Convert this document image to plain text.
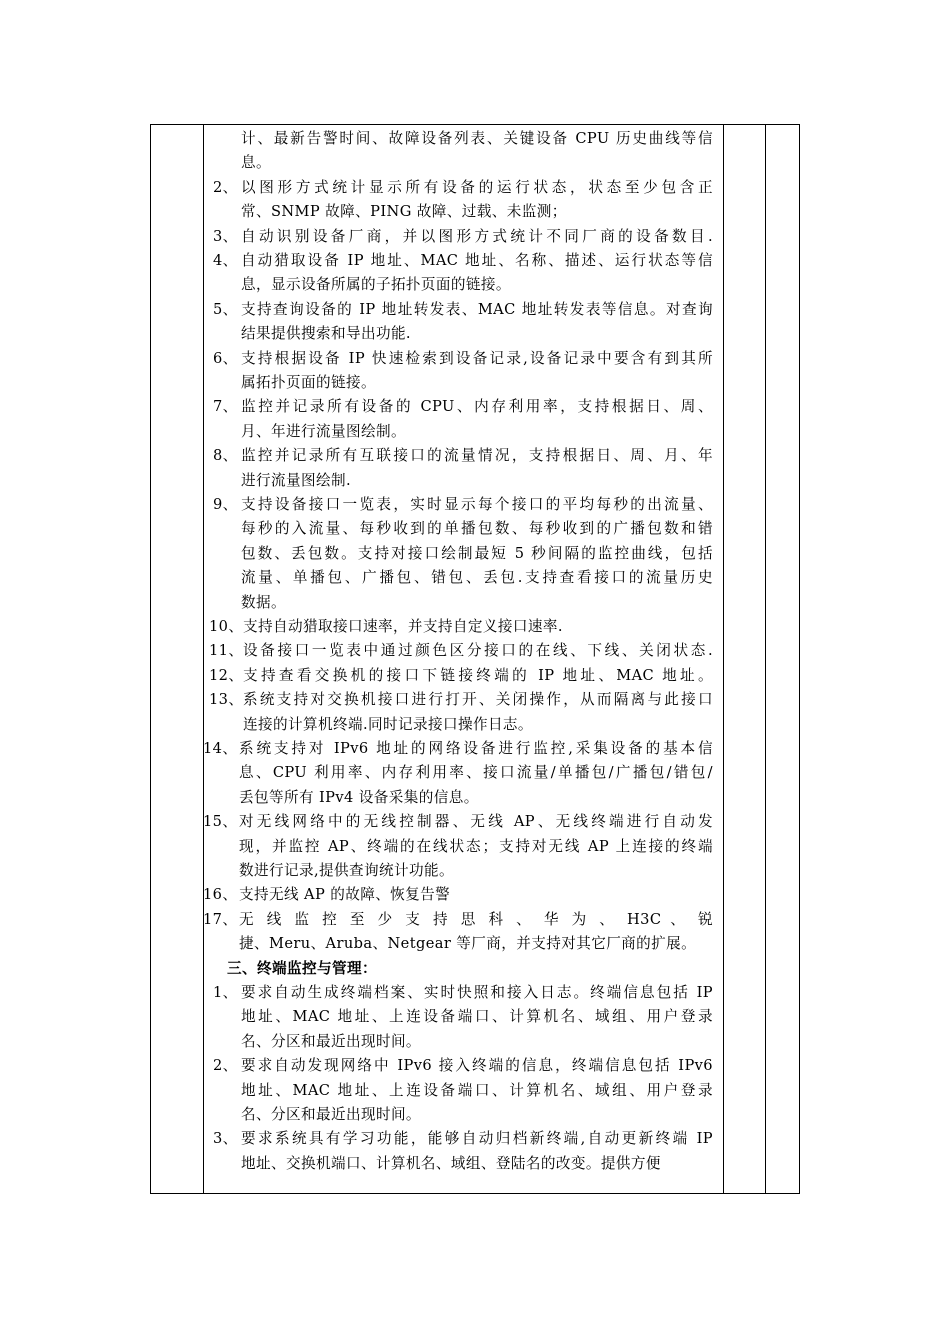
计、最新告警时间、故障设备列表、关键设备 CPU 历史曲线等信
息。
2、 以图形方式统计显示所有设备的运行状态，状态至少包含正
常、SNMP 故障、PING 故障、过载、未监测；
3、 自动识别设备厂商，并以图形方式统计不同厂商的设备数目.
4、 自动猎取设备 IP 地址、MAC 地址、名称、描述、运行状态等信
息，显示设备所属的子拓扑页面的链接。
5、 支持查询设备的 IP 地址转发表、MAC 地址转发表等信息。对查询
结果提供搜索和导出功能.
6、 支持根据设备 IP 快速检索到设备记录,设备记录中要含有到其所
属拓扑页面的链接。
7、 监控并记录所有设备的 CPU、内存利用率，支持根据日、周、
月、年进行流量图绘制。
8、 监控并记录所有互联接口的流量情况，支持根据日、周、月、年
进行流量图绘制.
9、 支持设备接口一览表，实时显示每个接口的平均每秒的出流量、
每秒的入流量、每秒收到的单播包数、每秒收到的广播包数和错
包数、丢包数。支持对接口绘制最短 5 秒间隔的监控曲线，包括
流量、单播包、广播包、错包、丢包.支持查看接口的流量历史
数据。
10、 支持自动猎取接口速率，并支持自定义接口速率.
11、 设备接口一览表中通过颜色区分接口的在线、下线、关闭状态.
12、 支持查看交换机的接口下链接终端的 IP 地址、MAC 地址。
13、 系统支持对交换机接口进行打开、关闭操作，从而隔离与此接口
连接的计算机终端.同时记录接口操作日志。
14、 系统支持对 IPv6 地址的网络设备进行监控,采集设备的基本信
息、CPU 利用率、内存利用率、接口流量/单播包/广播包/错包/
丢包等所有 IPv4 设备采集的信息。
15、 对无线网络中的无线控制器、无线 AP、无线终端进行自动发
现，并监控 AP、终端的在线状态；支持对无线 AP 上连接的终端
数进行记录,提供查询统计功能。
16、 支持无线 AP 的故障、恢复告警
17、 无 线 监 控 至 少 支 持 思 科 、 华 为 、 H3C 、 锐
捷、Meru、Aruba、Netgear 等厂商，并支持对其它厂商的扩展。
三、终端监控与管理：
1、 要求自动生成终端档案、实时快照和接入日志。终端信息包括 IP
地址、MAC 地址、上连设备端口、计算机名、域组、用户登录
名、分区和最近出现时间。
2、 要求自动发现网络中 IPv6 接入终端的信息，终端信息包括 IPv6
地址、MAC 地址、上连设备端口、计算机名、域组、用户登录
名、分区和最近出现时间。
3、 要求系统具有学习功能，能够自动归档新终端,自动更新终端 IP
地址、交换机端口、计算机名、域组、登陆名的改变。提供方便
